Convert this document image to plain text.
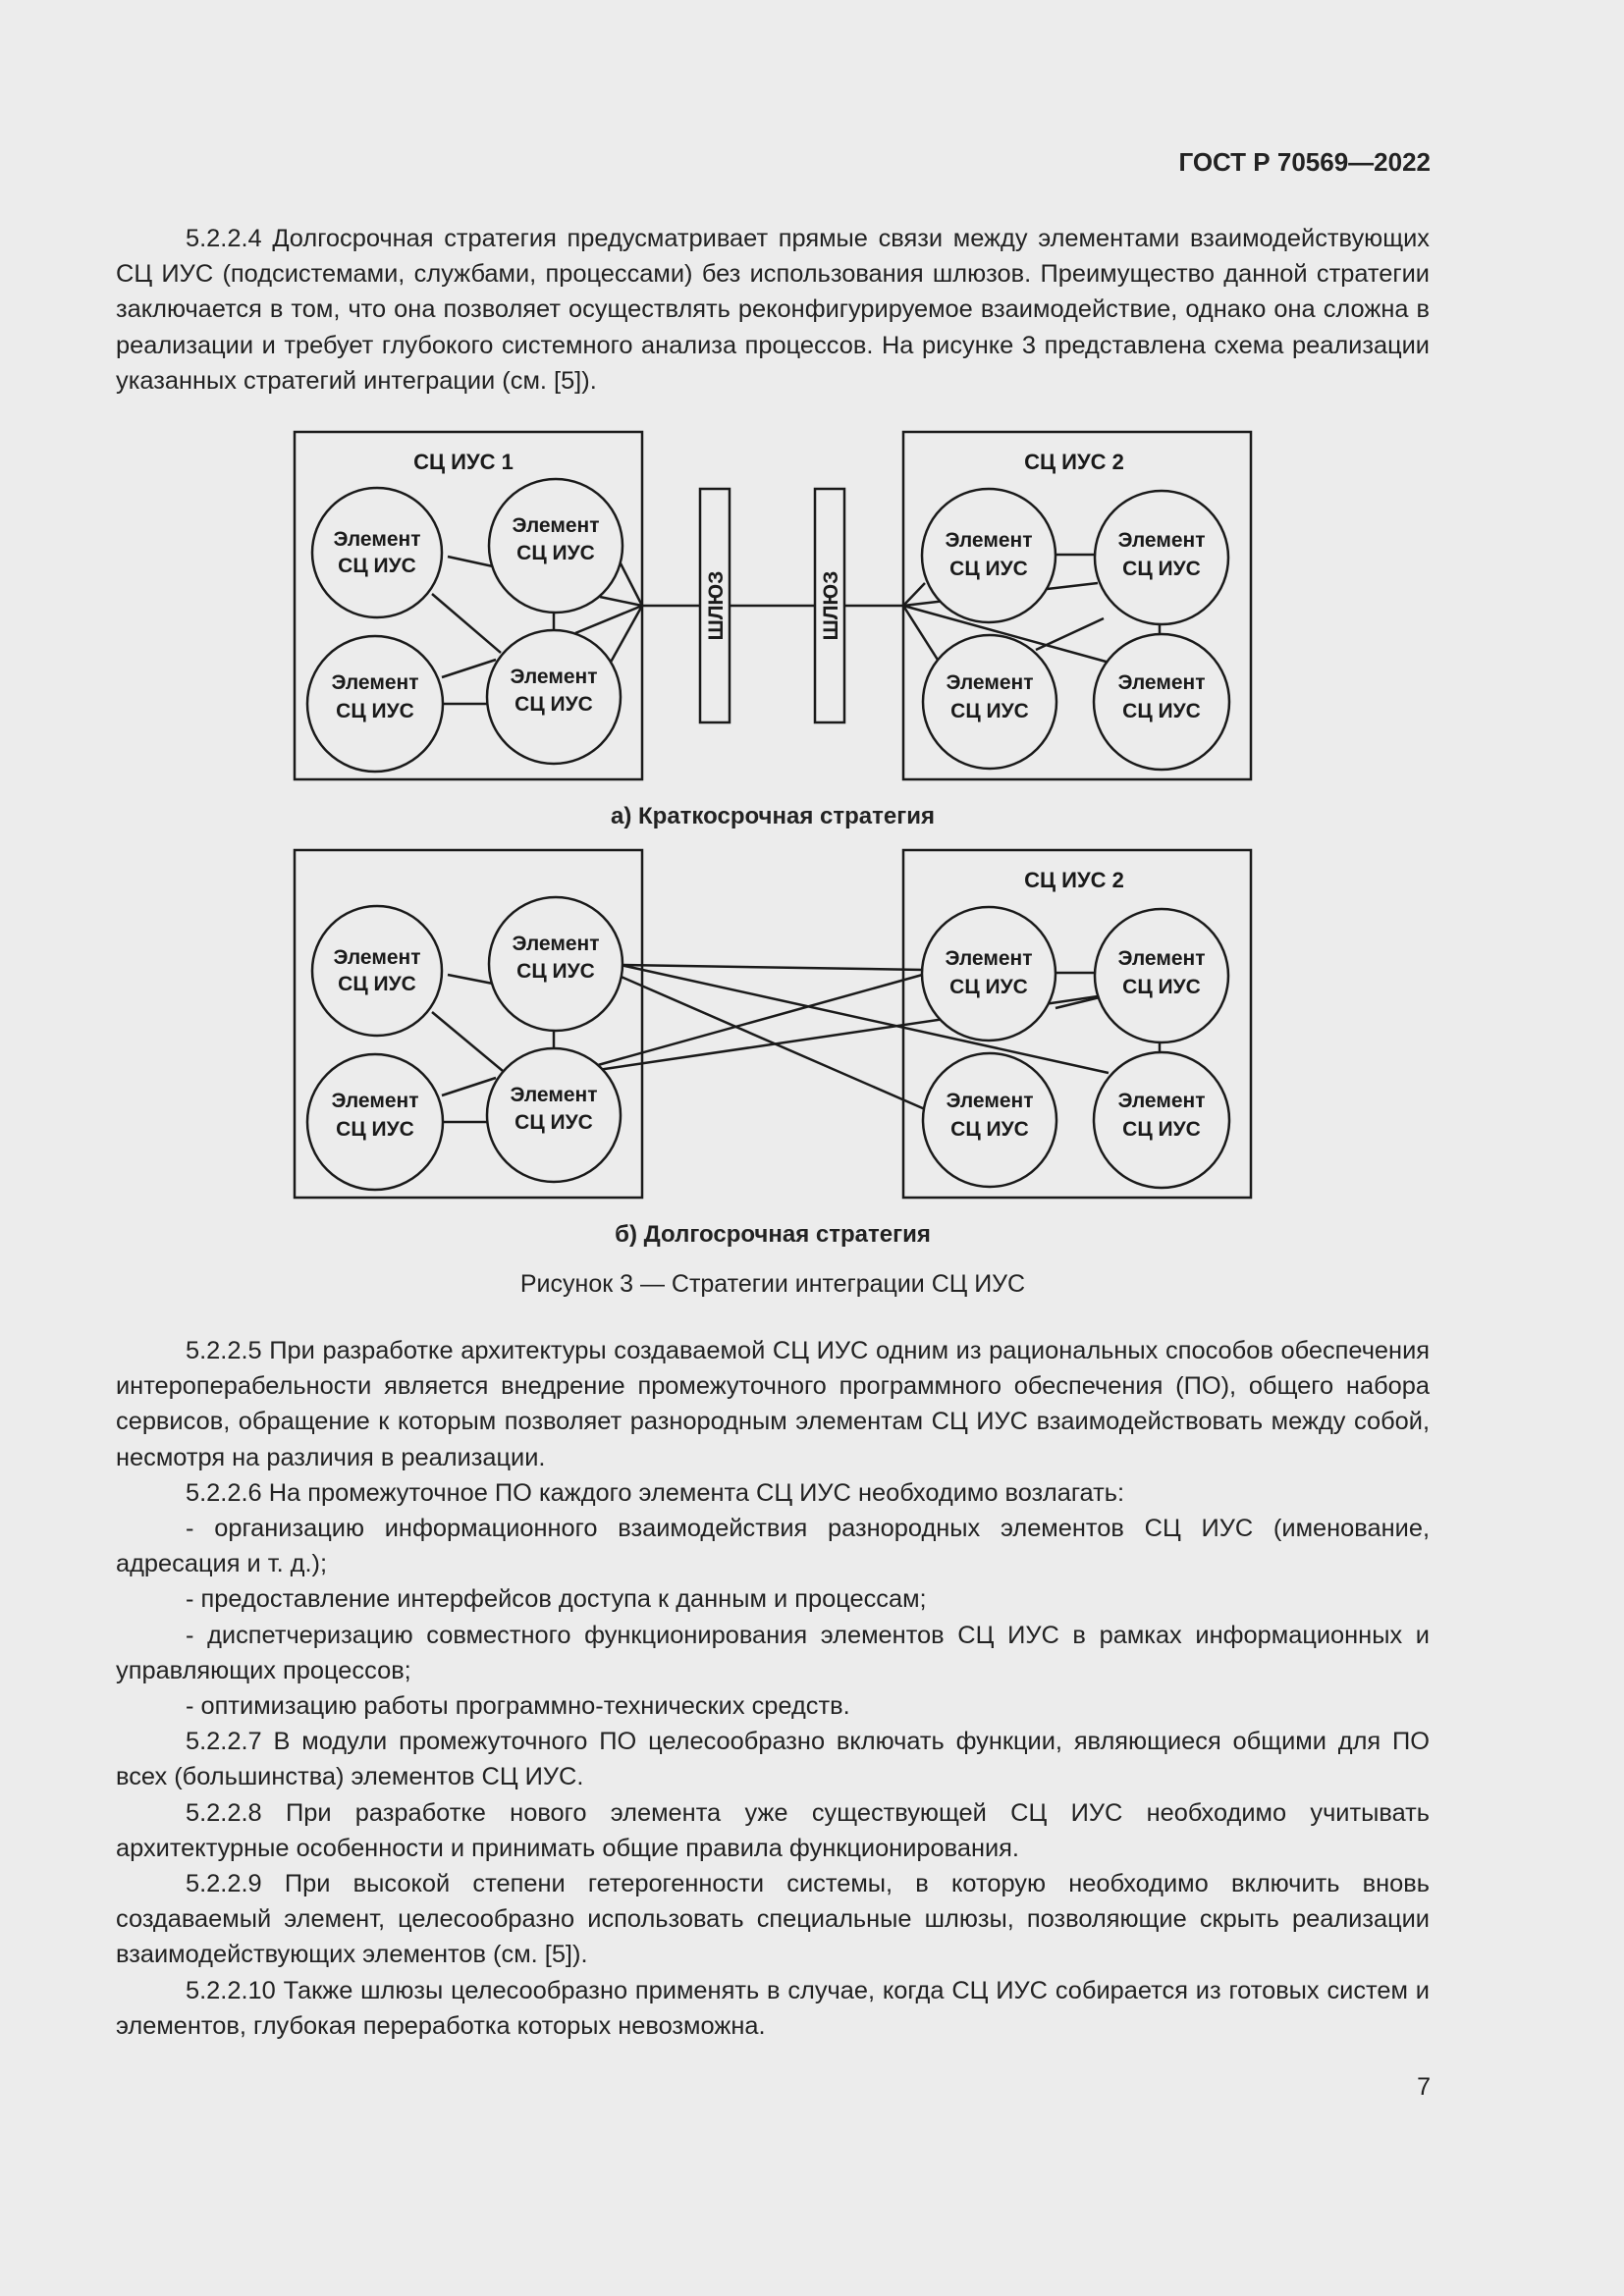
ГОСТ Р 70569—2022

5.2.2.4 Долгосрочная стратегия предусматривает прямые связи между элементами взаимодействующих СЦ ИУС (подсистемами, службами, процессами) без использования шлюзов. Преимущество данной стратегии заключается в том, что она позволяет осуществлять реконфигурируемое взаимодействие, однако она сложна в реализации и требует глубокого системного анализа процессов. На рисунке 3 представлена схема реализации указанных стратегий интеграции (см. [5]).

СЦ ИУС 1	СЦ ИУС 2
СЦ ИУС 2
ШЛЮЗ	ШЛЮЗ
Элемент
СЦ ИУС
Элемент
СЦ ИУС
Элемент
СЦ ИУС
Элемент
СЦ ИУС
Элемент
СЦ ИУС
Элемент
СЦ ИУС
Элемент
СЦ ИУС
Элемент
СЦ ИУС
Элемент
СЦ ИУС
Элемент
СЦ ИУС
Элемент
СЦ ИУС
Элемент
СЦ ИУС
Элемент
СЦ ИУС
Элемент
СЦ ИУС
Элемент
СЦ ИУС
Элемент
СЦ ИУС
а) Краткосрочная стратегия
б) Долгосрочная стратегия
Рисунок 3 — Стратегии интеграции СЦ ИУС
5.2.2.5 При разработке архитектуры создаваемой СЦ ИУС одним из рациональных способов обеспечения интероперабельности является внедрение промежуточного программного обеспечения (ПО), общего набора сервисов, обращение к которым позволяет разнородным элементам СЦ ИУС взаимодействовать между собой, несмотря на различия в реализации.
5.2.2.6 На промежуточное ПО каждого элемента СЦ ИУС необходимо возлагать:
- организацию информационного взаимодействия разнородных элементов СЦ ИУС (именование, адресация и т. д.);
- предоставление интерфейсов доступа к данным и процессам;
- диспетчеризацию совместного функционирования элементов СЦ ИУС в рамках информационных и управляющих процессов;
- оптимизацию работы программно-технических средств.
5.2.2.7 В модули промежуточного ПО целесообразно включать функции, являющиеся общими для ПО всех (большинства) элементов СЦ ИУС.
5.2.2.8 При разработке нового элемента уже существующей СЦ ИУС необходимо учитывать архитектурные особенности и принимать общие правила функционирования.
5.2.2.9 При высокой степени гетерогенности системы, в которую необходимо включить вновь создаваемый элемент, целесообразно использовать специальные шлюзы, позволяющие скрыть реализации взаимодействующих элементов (см. [5]).
5.2.2.10 Также шлюзы целесообразно применять в случае, когда СЦ ИУС собирается из готовых систем и элементов, глубокая переработка которых невозможна.
7
